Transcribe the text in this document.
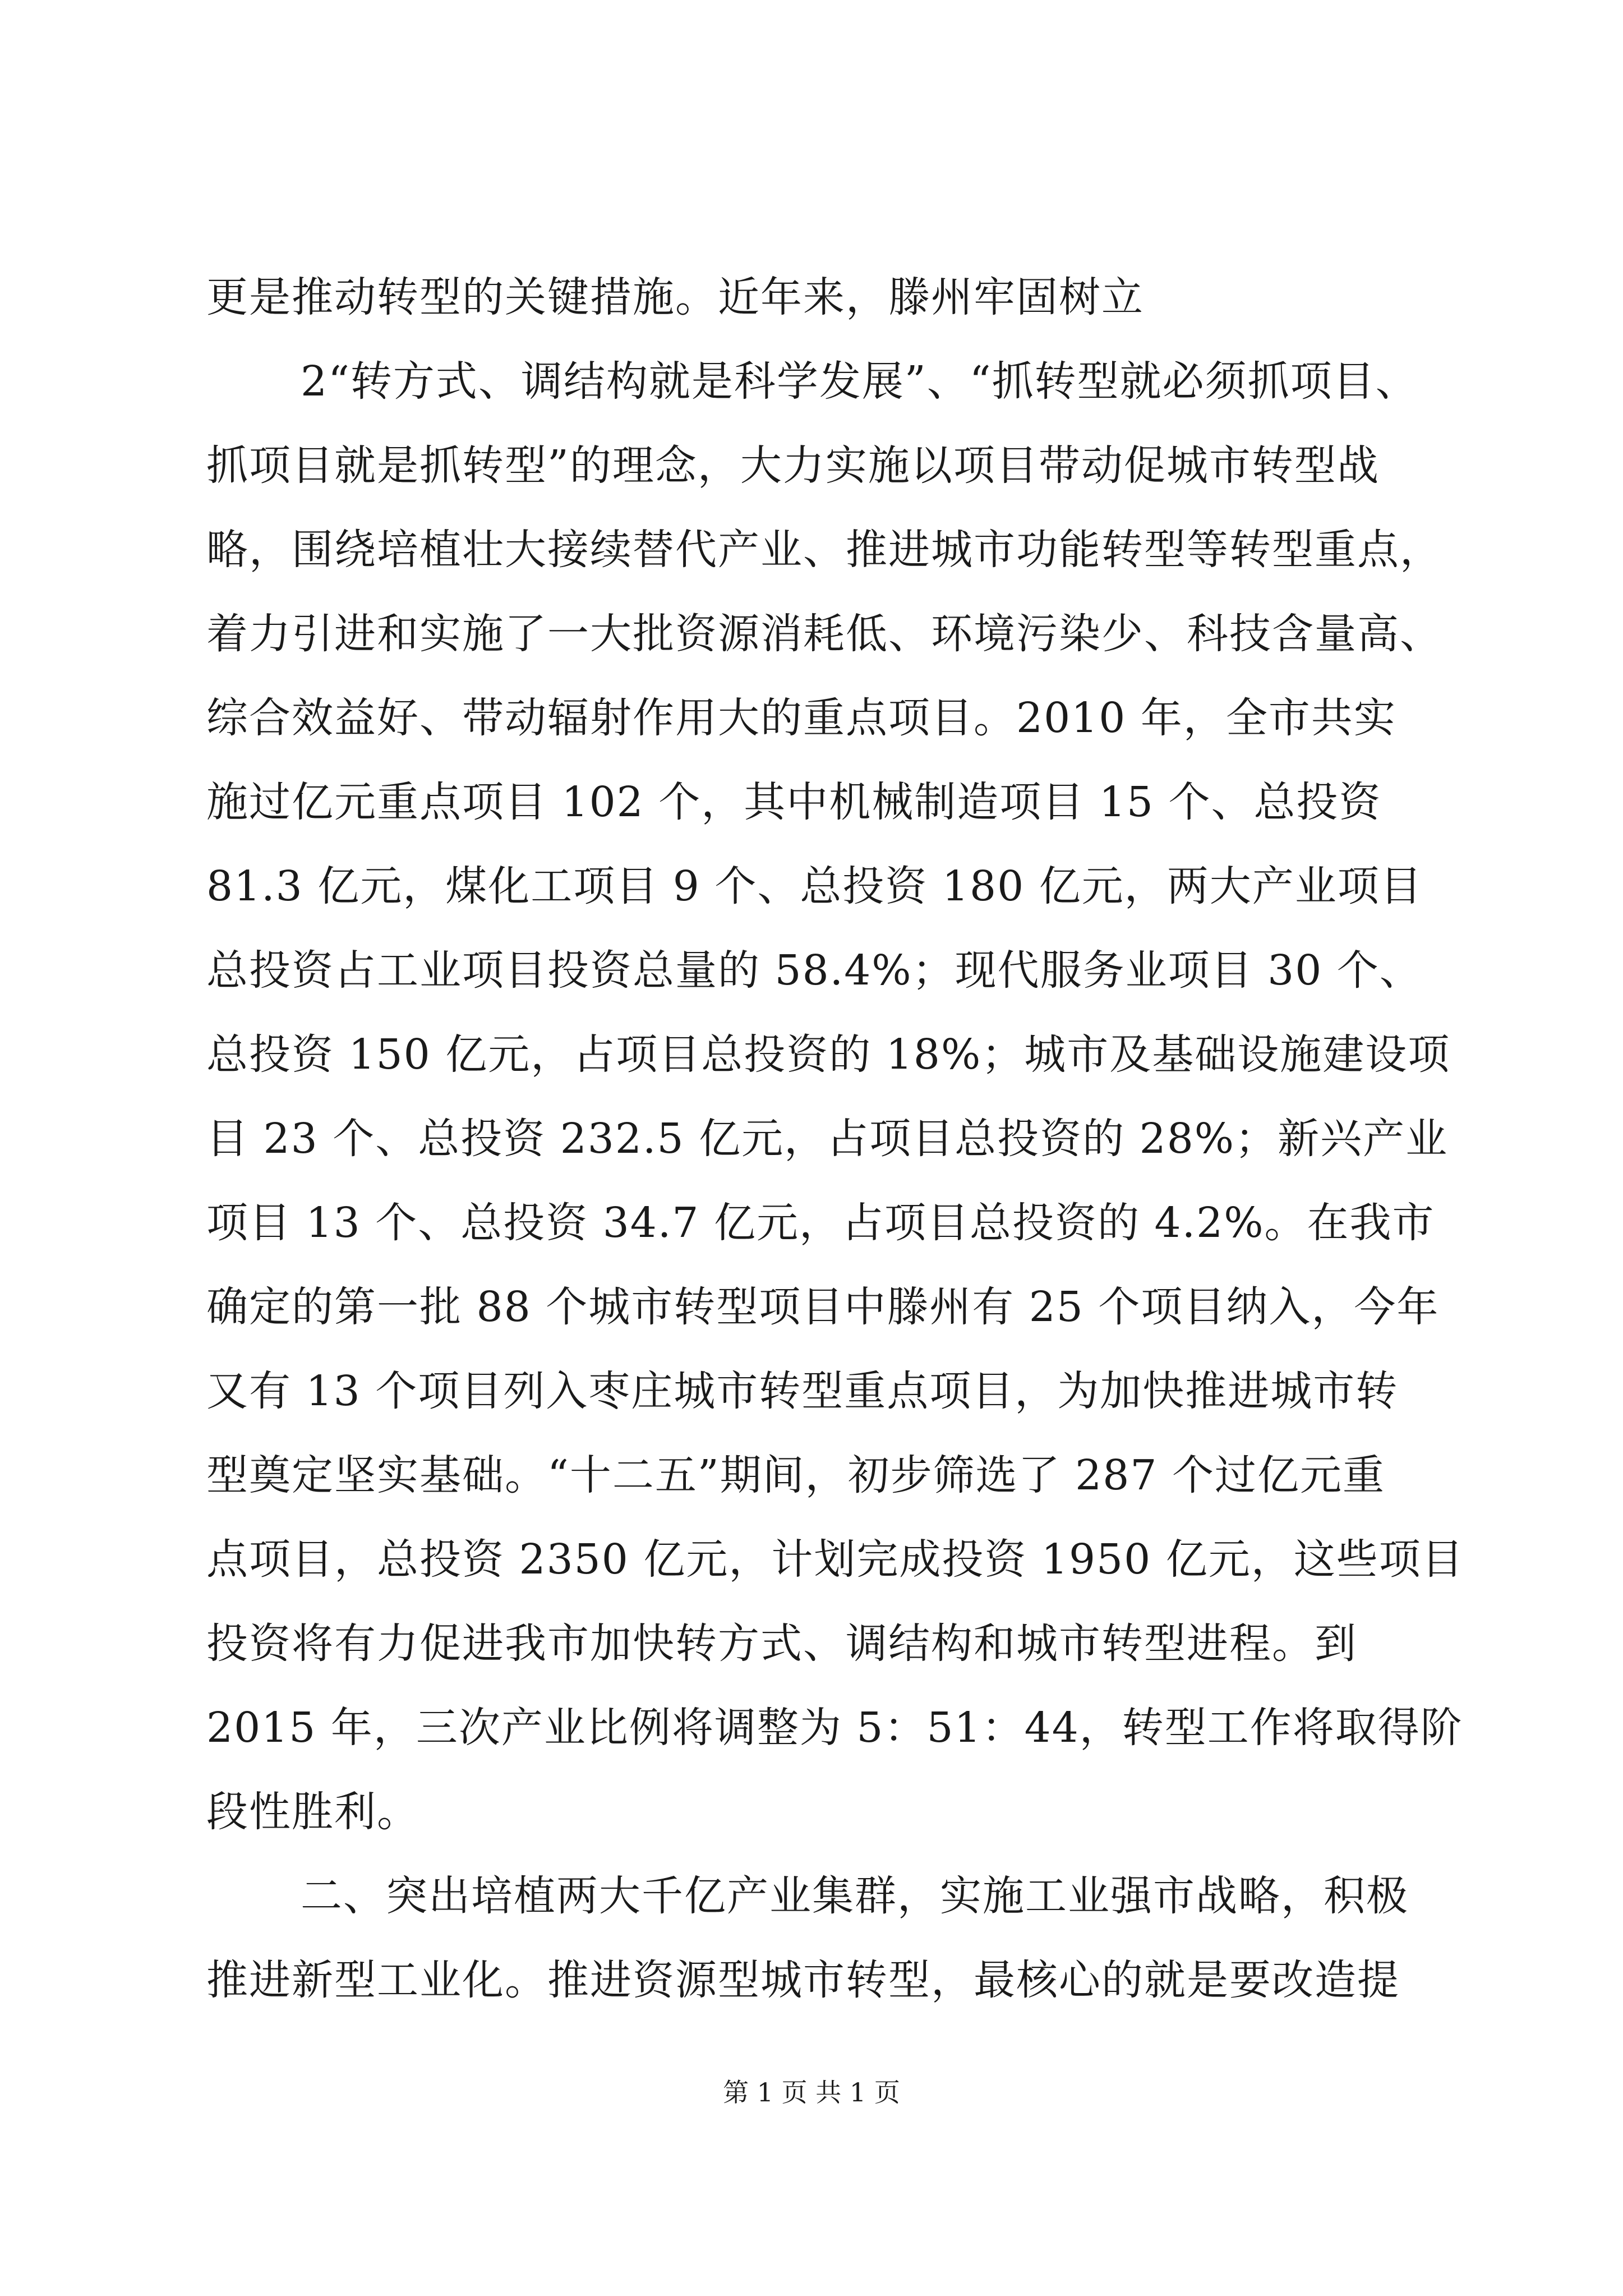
更是推动转型的关键措施。近年来，滕州牢固树立
2“转方式、调结构就是科学发展”、“抓转型就必须抓项目、
抓项目就是抓转型”的理念，大力实施以项目带动促城市转型战
略，围绕培植壮大接续替代产业、推进城市功能转型等转型重点，
着力引进和实施了一大批资源消耗低、环境污染少、科技含量高、
综合效益好、带动辐射作用大的重点项目。2010 年，全市共实
施过亿元重点项目 102 个，其中机械制造项目 15 个、总投资
81.3 亿元，煤化工项目 9 个、总投资 180 亿元，两大产业项目
总投资占工业项目投资总量的 58.4%；现代服务业项目 30 个、
总投资 150 亿元，占项目总投资的 18%；城市及基础设施建设项
目 23 个、总投资 232.5 亿元，占项目总投资的 28%；新兴产业
项目 13 个、总投资 34.7 亿元，占项目总投资的 4.2%。在我市
确定的第一批 88 个城市转型项目中滕州有 25 个项目纳入，今年
又有 13 个项目列入枣庄城市转型重点项目，为加快推进城市转
型奠定坚实基础。“十二五”期间，初步筛选了 287 个过亿元重
点项目，总投资 2350 亿元，计划完成投资 1950 亿元，这些项目
投资将有力促进我市加快转方式、调结构和城市转型进程。到
2015 年，三次产业比例将调整为 5：51：44，转型工作将取得阶
段性胜利。
二、突出培植两大千亿产业集群，实施工业强市战略，积极
推进新型工业化。推进资源型城市转型，最核心的就是要改造提
第 1 页 共 1 页
